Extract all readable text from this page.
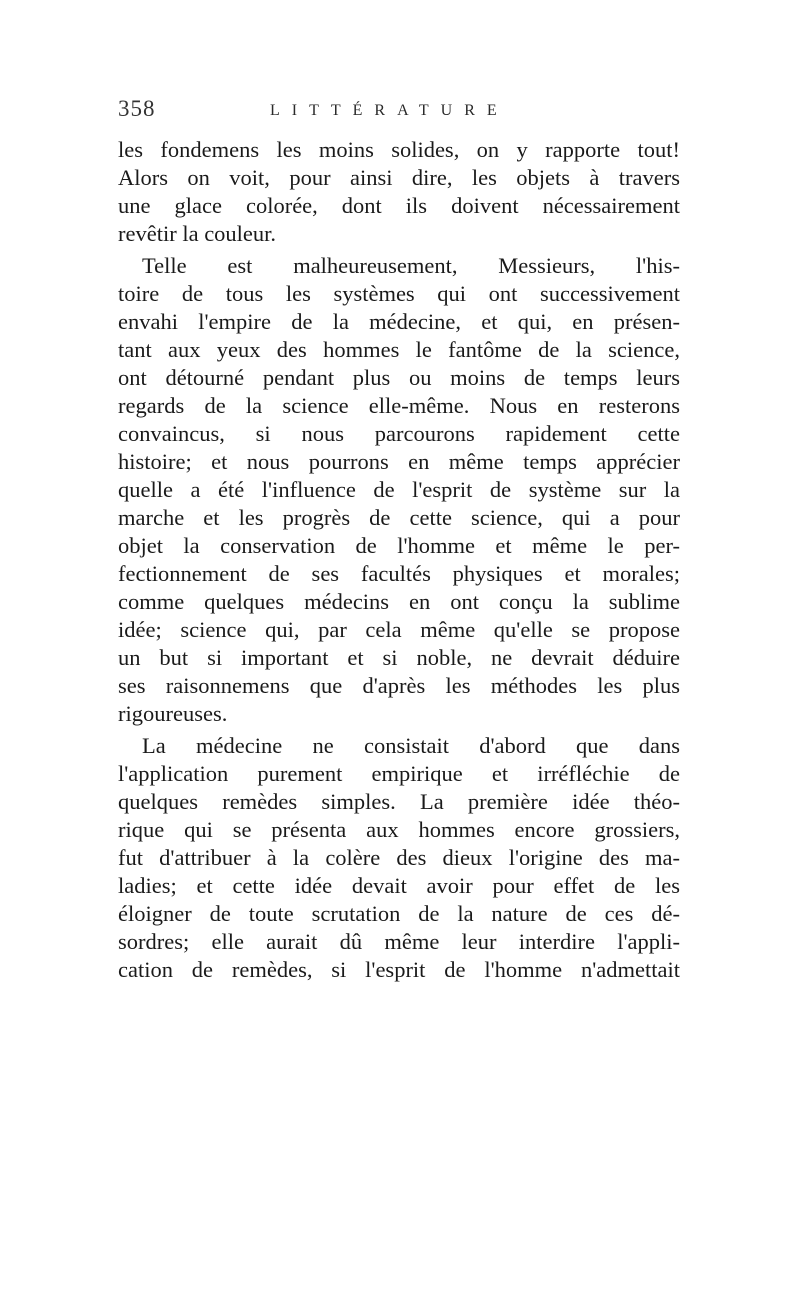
358	LITTÉRATURE
les fondemens les moins solides, on y rapporte tout!
Alors on voit, pour ainsi dire, les objets à travers
une glace colorée, dont ils doivent nécessairement
revêtir la couleur.
Telle est malheureusement, Messieurs, l'his-
toire de tous les systèmes qui ont successivement
envahi l'empire de la médecine, et qui, en présen-
tant aux yeux des hommes le fantôme de la science,
ont détourné pendant plus ou moins de temps leurs
regards de la science elle-même. Nous en resterons
convaincus, si nous parcourons rapidement cette
histoire; et nous pourrons en même temps apprécier
quelle a été l'influence de l'esprit de système sur la
marche et les progrès de cette science, qui a pour
objet la conservation de l'homme et même le per-
fectionnement de ses facultés physiques et morales;
comme quelques médecins en ont conçu la sublime
idée; science qui, par cela même qu'elle se propose
un but si important et si noble, ne devrait déduire
ses raisonnemens que d'après les méthodes les plus
rigoureuses.
La médecine ne consistait d'abord que dans
l'application purement empirique et irréfléchie de
quelques remèdes simples. La première idée théo-
rique qui se présenta aux hommes encore grossiers,
fut d'attribuer à la colère des dieux l'origine des ma-
ladies; et cette idée devait avoir pour effet de les
éloigner de toute scrutation de la nature de ces dé-
sordres; elle aurait dû même leur interdire l'appli-
cation de remèdes, si l'esprit de l'homme n'admettait
